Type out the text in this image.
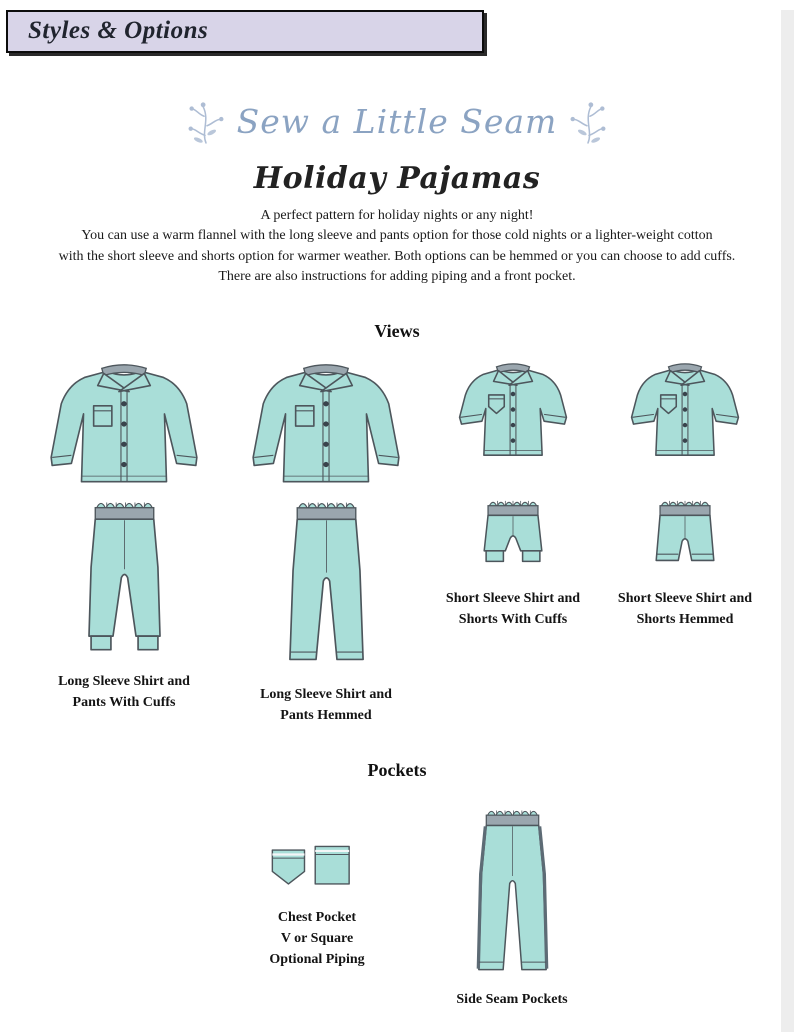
Styles & Options
Sew a Little Seam
Holiday Pajamas
A perfect pattern for holiday nights or any night!
You can use a warm flannel with the long sleeve and pants option for those cold nights or a lighter-weight cotton
with the short sleeve and shorts option for warmer weather. Both options can be hemmed or you can choose to add cuffs.
There are also instructions for adding piping and a front pocket.
Views
Long Sleeve Shirt and
Pants With Cuffs
Long Sleeve Shirt and
Pants Hemmed
Short Sleeve Shirt and
Shorts With Cuffs
Short Sleeve Shirt and
Shorts Hemmed
Pockets
Chest Pocket
V or Square
Optional Piping
Side Seam Pockets
